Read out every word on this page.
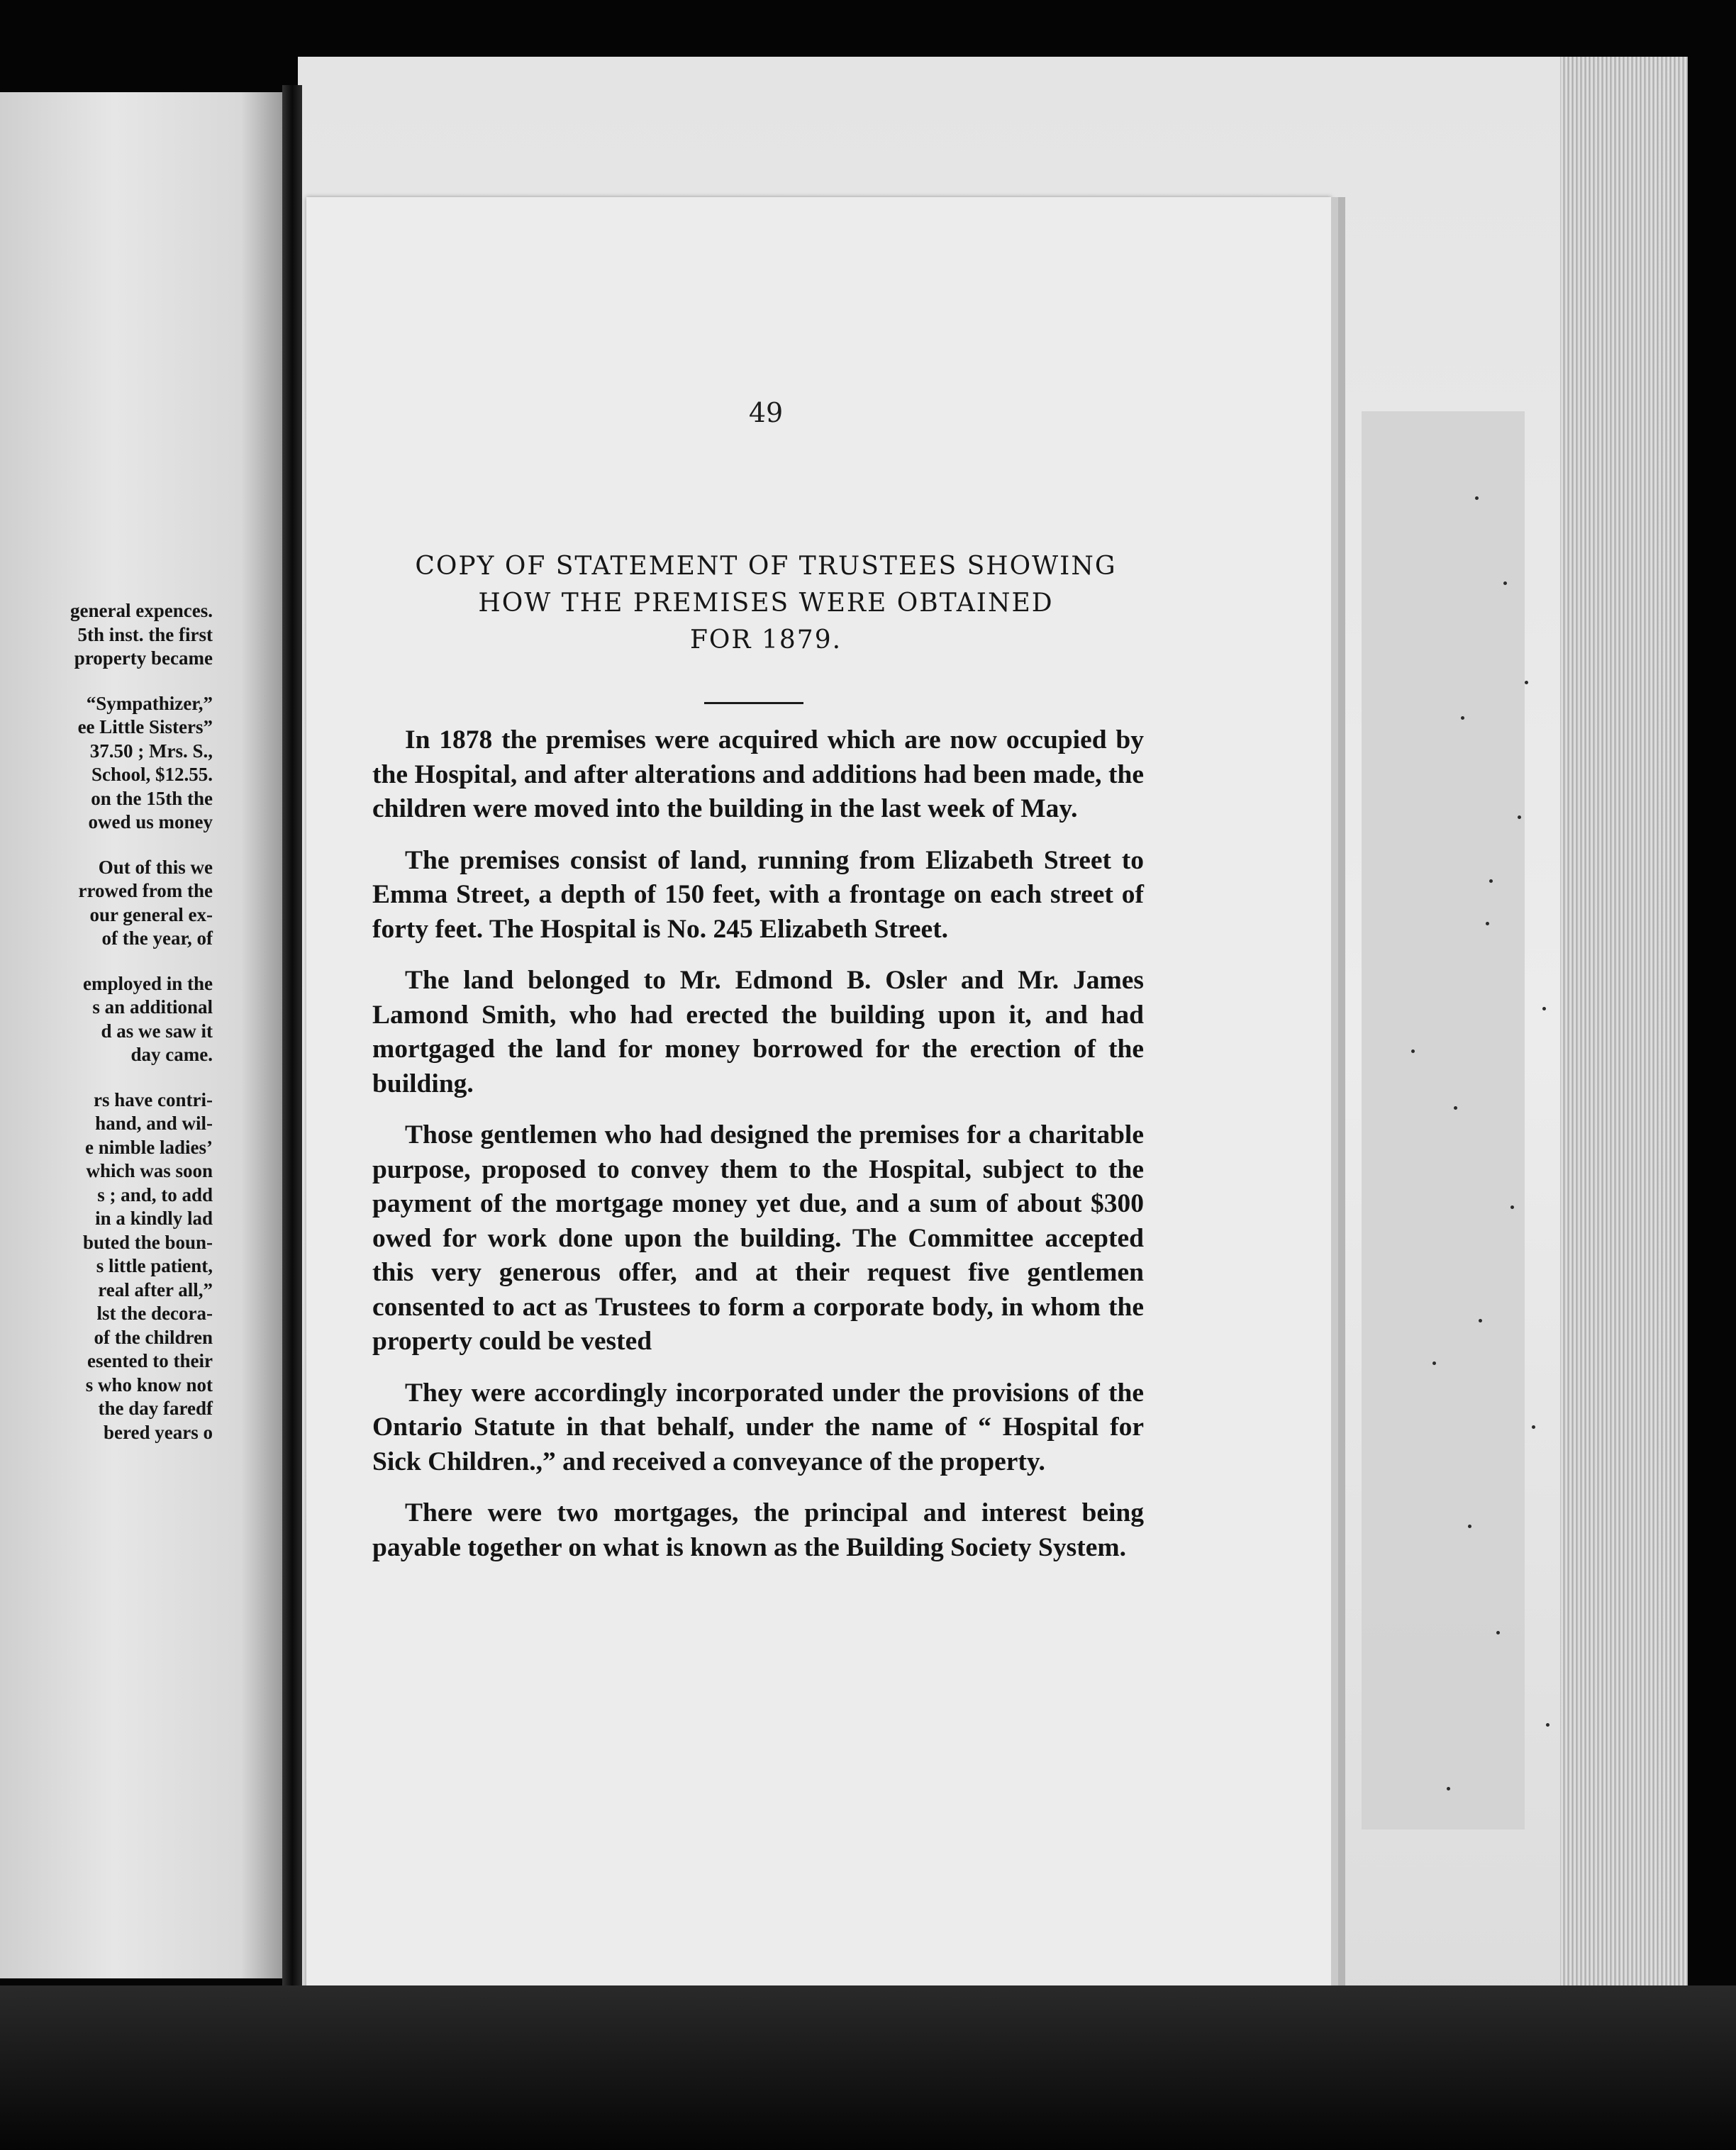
general expences.
5th inst. the first
property became
“Sympathizer,”
ee Little Sisters”
37.50 ; Mrs. S.,
School, $12.55.
on the 15th the
owed us money
Out of this we
rrowed from the
our general ex-
of the year, of
employed in the
s an additional
d as we saw it
day came.
rs have contri-
hand, and wil-
e nimble ladies’
which was soon
s ; and, to add
in a kindly lad
buted the boun-
s little patient,
real after all,”
lst the decora-
of the children
esented to their
s who know not
the day faredf
bered years o
49
COPY OF STATEMENT OF TRUSTEES SHOWING
HOW THE PREMISES WERE OBTAINED
FOR 1879.

In 1878 the premises were acquired which are now occupied by the Hospital, and after alterations and additions had been made, the children were moved into the building in the last week of May.

The premises consist of land, running from Elizabeth Street to Emma Street, a depth of 150 feet, with a frontage on each street of forty feet. The Hospital is No. 245 Elizabeth Street.

The land belonged to Mr. Edmond B. Osler and Mr. James Lamond Smith, who had erected the building upon it, and had mortgaged the land for money borrowed for the erection of the building.

Those gentlemen who had designed the premises for a charitable purpose, proposed to convey them to the Hospital, subject to the payment of the mortgage money yet due, and a sum of about $300 owed for work done upon the building. The Committee accepted this very generous offer, and at their request five gentlemen consented to act as Trustees to form a corporate body, in whom the property could be vested

They were accordingly incorporated under the provisions of the Ontario Statute in that behalf, under the name of “ Hospital for Sick Children.,” and received a conveyance of the property.

There were two mortgages, the principal and interest being payable together on what is known as the Building Society System.
